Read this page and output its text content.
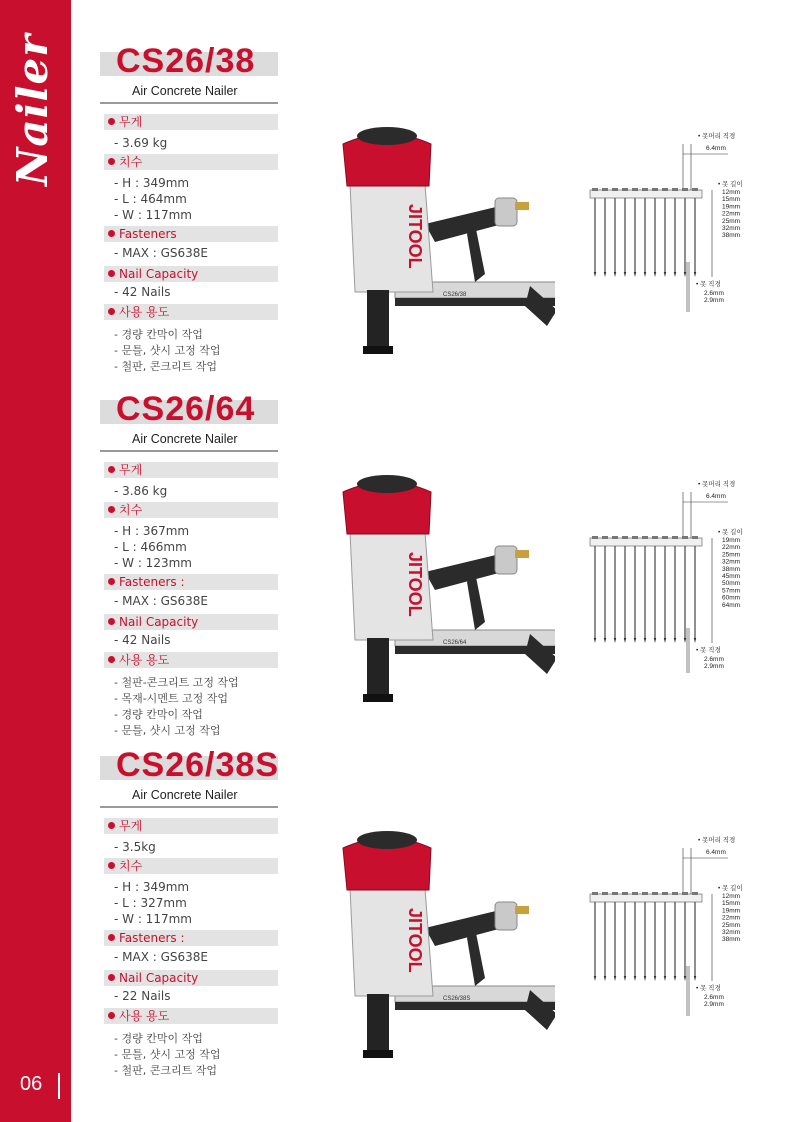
Nailer
06
CS26/38
Air Concrete Nailer
무게
- 3.69 kg
치수
- H : 349mm
- L : 464mm
- W : 117mm
Fasteners
- MAX : GS638E
Nail Capacity
- 42 Nails
사용 용도
- 경량 칸막이 작업
- 문틀, 샷시 고정 작업
- 철판, 콘크리트 작업
JITOOL
CS26/38
• 못머리 직경
6.4mm
• 못 길이
12mm
15mm
19mm
22mm
25mm
32mm
38mm
• 못 직경
2.6mm
2.9mm
CS26/64
Air Concrete Nailer
무게
- 3.86 kg
치수
- H : 367mm
- L : 466mm
- W : 123mm
Fasteners :
- MAX : GS638E
Nail Capacity
- 42 Nails
사용 용도
- 철판-콘크리트 고정 작업
- 목재-시멘트 고정 작업
- 경량 칸막이 작업
- 문틀, 샷시 고정 작업
JITOOL
CS26/64
• 못머리 직경
6.4mm
• 못 길이
19mm
22mm
25mm
32mm
38mm
45mm
50mm
57mm
60mm
64mm
• 못 직경
2.6mm
2.9mm
CS26/38S
Air Concrete Nailer
무게
- 3.5kg
치수
- H : 349mm
- L : 327mm
- W : 117mm
Fasteners :
- MAX : GS638E
Nail Capacity
- 22 Nails
사용 용도
- 경량 칸막이 작업
- 문틀, 샷시 고정 작업
- 철판, 콘크리트 작업
JITOOL
CS26/38S
• 못머리 직경
6.4mm
• 못 길이
12mm
15mm
19mm
22mm
25mm
32mm
38mm
• 못 직경
2.6mm
2.9mm
